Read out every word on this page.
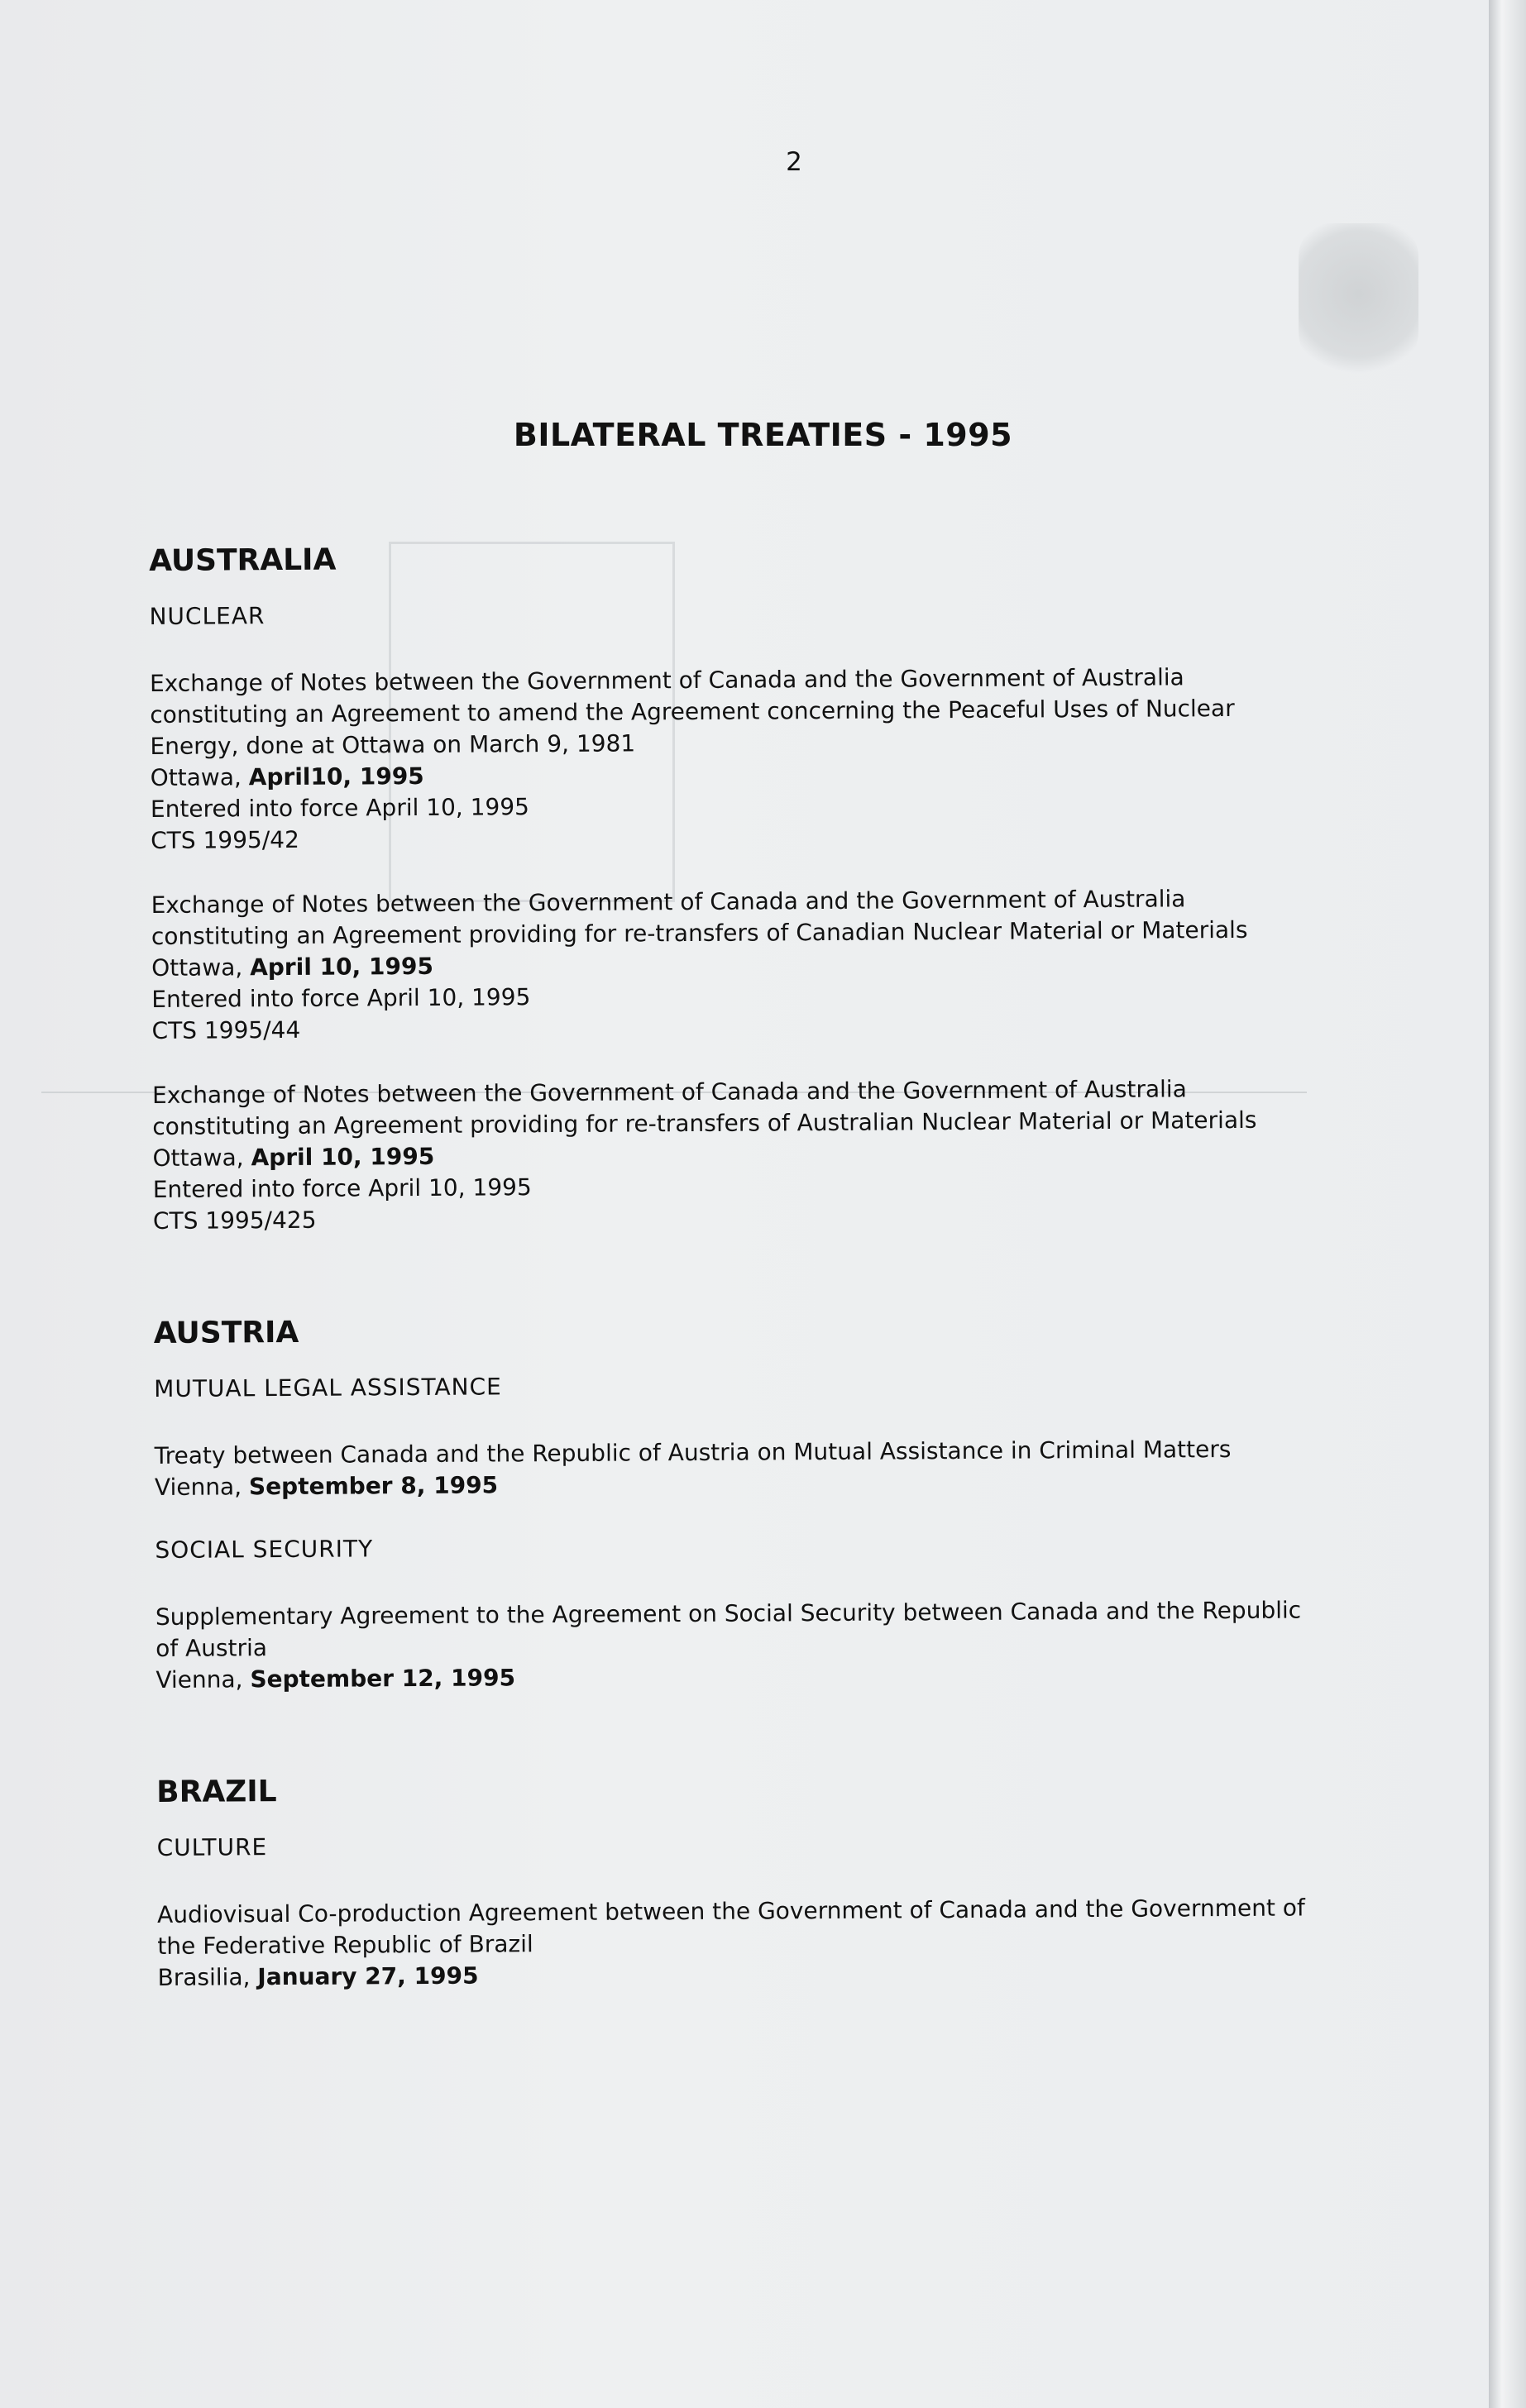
2
BILATERAL TREATIES - 1995
AUSTRALIA
NUCLEAR
Exchange of Notes between the Government of Canada and the Government of Australia
constituting an Agreement to amend the Agreement concerning the Peaceful Uses of Nuclear
Energy, done at Ottawa on March 9, 1981
Ottawa, April10, 1995
Entered into force April 10, 1995
CTS 1995/42
Exchange of Notes between the Government of Canada and the Government of Australia
constituting an Agreement providing for re-transfers of Canadian Nuclear Material or Materials
Ottawa, April 10, 1995
Entered into force April 10, 1995
CTS 1995/44
Exchange of Notes between the Government of Canada and the Government of Australia
constituting an Agreement providing for re-transfers of Australian Nuclear Material or Materials
Ottawa, April 10, 1995
Entered into force April 10, 1995
CTS 1995/425
AUSTRIA
MUTUAL LEGAL ASSISTANCE
Treaty between Canada and the Republic of Austria on Mutual Assistance in Criminal Matters
Vienna, September 8, 1995
SOCIAL SECURITY
Supplementary Agreement to the Agreement on Social Security between Canada and the Republic
of Austria
Vienna, September 12, 1995
BRAZIL
CULTURE
Audiovisual Co-production Agreement between the Government of Canada and the Government of
the Federative Republic of Brazil
Brasilia, January 27, 1995
